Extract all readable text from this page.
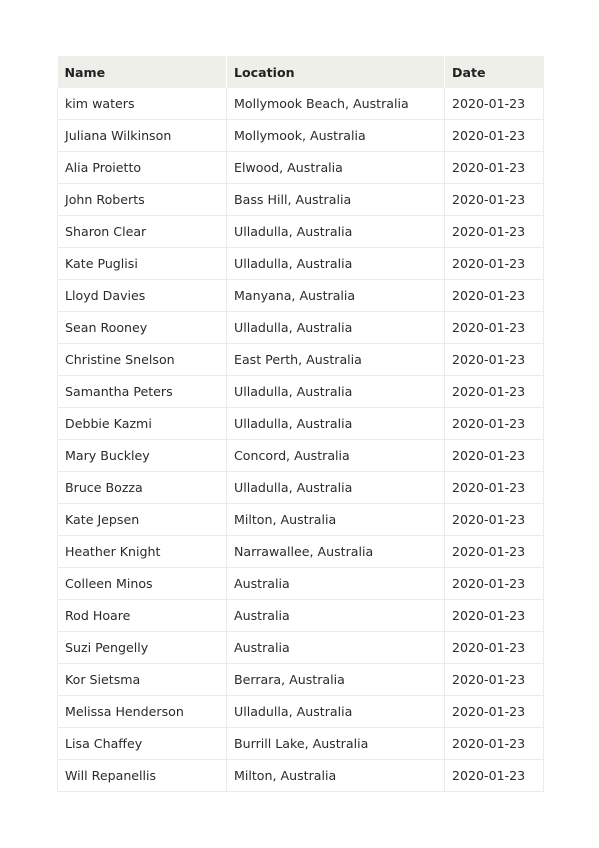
Name	Location	Date
kim waters	Mollymook Beach, Australia	2020-01-23
Juliana Wilkinson	Mollymook, Australia	2020-01-23
Alia Proietto	Elwood, Australia	2020-01-23
John Roberts	Bass Hill, Australia	2020-01-23
Sharon Clear	Ulladulla, Australia	2020-01-23
Kate Puglisi	Ulladulla, Australia	2020-01-23
Lloyd Davies	Manyana, Australia	2020-01-23
Sean Rooney	Ulladulla, Australia	2020-01-23
Christine Snelson	East Perth, Australia	2020-01-23
Samantha Peters	Ulladulla, Australia	2020-01-23
Debbie Kazmi	Ulladulla, Australia	2020-01-23
Mary Buckley	Concord, Australia	2020-01-23
Bruce Bozza	Ulladulla, Australia	2020-01-23
Kate Jepsen	Milton, Australia	2020-01-23
Heather Knight	Narrawallee, Australia	2020-01-23
Colleen Minos	Australia	2020-01-23
Rod Hoare	Australia	2020-01-23
Suzi Pengelly	Australia	2020-01-23
Kor Sietsma	Berrara, Australia	2020-01-23
Melissa Henderson	Ulladulla, Australia	2020-01-23
Lisa Chaffey	Burrill Lake, Australia	2020-01-23
Will Repanellis	Milton, Australia	2020-01-23
